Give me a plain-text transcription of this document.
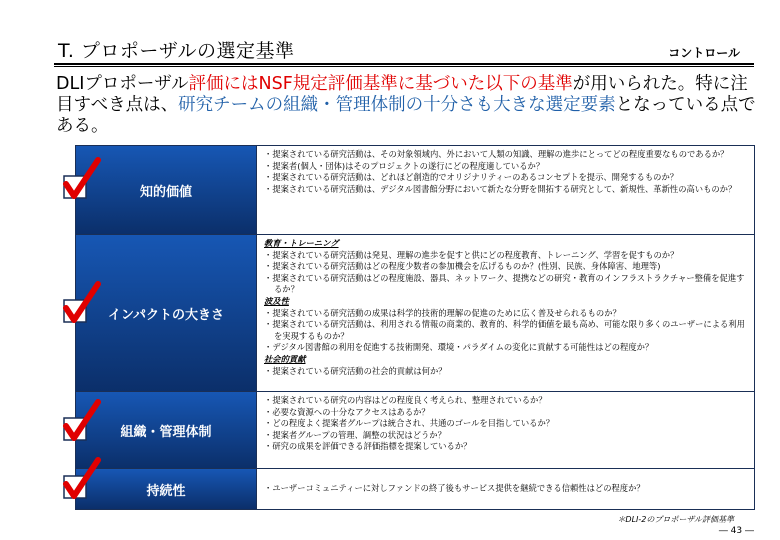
T. プロポーザルの選定基準	コントロール
DLIプロポーザル評価にはNSF規定評価基準に基づいた以下の基準が用いられた。特に注目すべき点は、研究チームの組織・管理体制の十分さも大きな選定要素となっている点である。
知的価値
・ 提案されている研究活動は、その対象領域内、外において人類の知識、理解の進歩にとってどの程度重要なものであるか？
・ 提案者(個人・団体)はそのプロジェクトの遂行にどの程度適しているか？
・ 提案されている研究活動は、どれほど創造的でオリジナリティーのあるコンセプトを提示、開発するものか？
・ 提案されている研究活動は、デジタル図書館分野において新たな分野を開拓する研究として、新規性、革新性の高いものか？
インパクトの大きさ
教育・トレーニング
・ 提案されている研究活動は発見、理解の進歩を促すと供にどの程度教育、トレーニング、学習を促すものか？
・ 提案されている研究活動はどの程度少数者の参加機会を広げるものか？(性別、民族、身体障害、地理等)
・ 提案されている研究活動はどの程度施設、器具、ネットワーク、提携などの研究・教育のインフラストラクチャー整備を促進するか？
波及性
・ 提案されている研究活動の成果は科学的技術的理解の促進のために広く普及せられるものか？
・ 提案されている研究活動は、利用される情報の商業的、教育的、科学的価値を最も高め、可能な限り多くのユーザーによる利用を実現するものか？
・ デジタル図書館の利用を促進する技術開発、環境・パラダイムの変化に貢献する可能性はどの程度か？
社会的貢献
・ 提案されている研究活動の社会的貢献は何か？
組織・管理体制
・ 提案されている研究の内容はどの程度良く考えられ、整理されているか？
・ 必要な資源への十分なアクセスはあるか？
・ どの程度よく提案者グループは統合され、共通のゴールを目指しているか？
・ 提案者グループの管理、調整の状況はどうか？
・ 研究の成果を評価できる評価指標を提案しているか？
持続性
・	ユーザーコミュニティーに対しファンドの終了後もサービス提供を継続できる信頼性はどの程度か？
＊DLI-2のプロポーザル評価基準
― 43 ―
